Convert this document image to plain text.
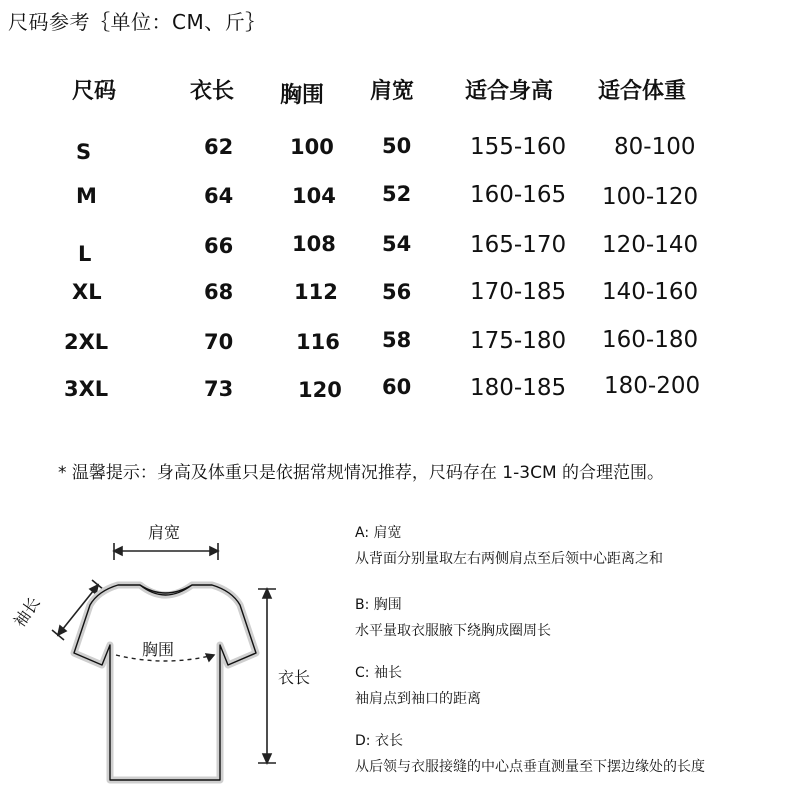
尺码参考｛单位：CM、斤｝
尺码	衣长 胸围 肩宽 适合身高 适合体重
S	62	100 50	155-160 80-100
M	64	104 52	160-165 100-120
L	66	108 54	165-170 120-140
XL	68	112 56	170-185 140-160
2XL	70	116 58	175-180 160-180
3XL	73	120 60	180-185 180-200
* 温馨提示：身高及体重只是依据常规情况推荐，尺码存在 1-3CM 的合理范围。
肩宽
袖长
胸围
衣长
A: 肩宽
从背面分别量取左右两侧肩点至后领中心距离之和
B: 胸围
水平量取衣服腋下绕胸成圈周长
C: 袖长
袖肩点到袖口的距离
D: 衣长
从后领与衣服接缝的中心点垂直测量至下摆边缘处的长度
